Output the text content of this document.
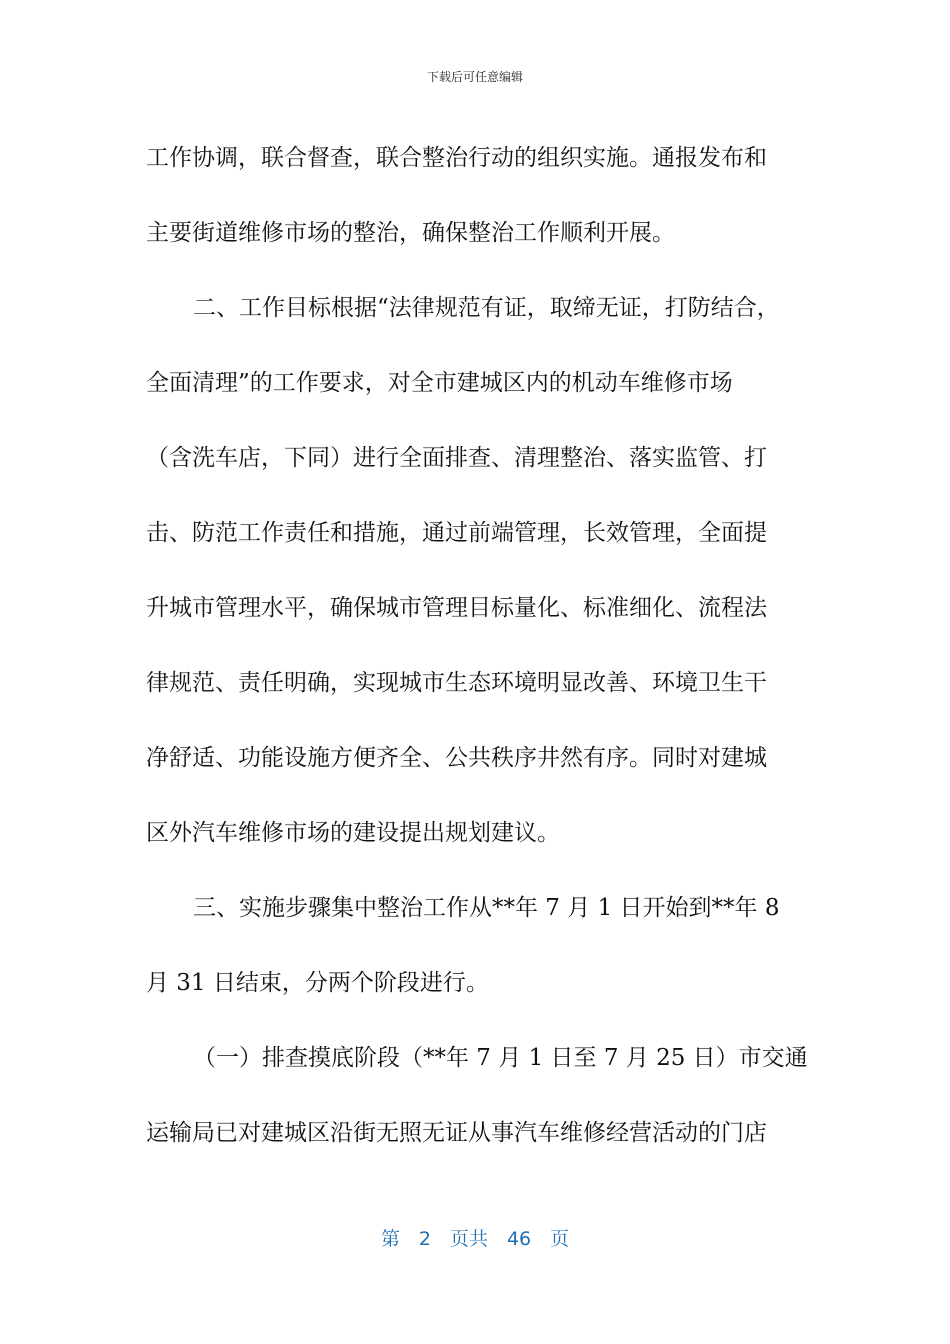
下载后可任意编辑
工作协调，联合督查，联合整治行动的组织实施。通报发布和
主要街道维修市场的整治，确保整治工作顺利开展。
二、工作目标根据“法律规范有证，取缔无证，打防结合，
全面清理”的工作要求，对全市建城区内的机动车维修市场
（含洗车店，下同）进行全面排查、清理整治、落实监管、打
击、防范工作责任和措施，通过前端管理，长效管理，全面提
升城市管理水平，确保城市管理目标量化、标准细化、流程法
律规范、责任明确，实现城市生态环境明显改善、环境卫生干
净舒适、功能设施方便齐全、公共秩序井然有序。同时对建城
区外汽车维修市场的建设提出规划建议。
三、实施步骤集中整治工作从**年 7 月 1 日开始到**年 8
月 31 日结束，分两个阶段进行。
（一）排查摸底阶段（**年 7 月 1 日至 7 月 25 日）市交通
运输局已对建城区沿街无照无证从事汽车维修经营活动的门店
第　2　页共　46　页
